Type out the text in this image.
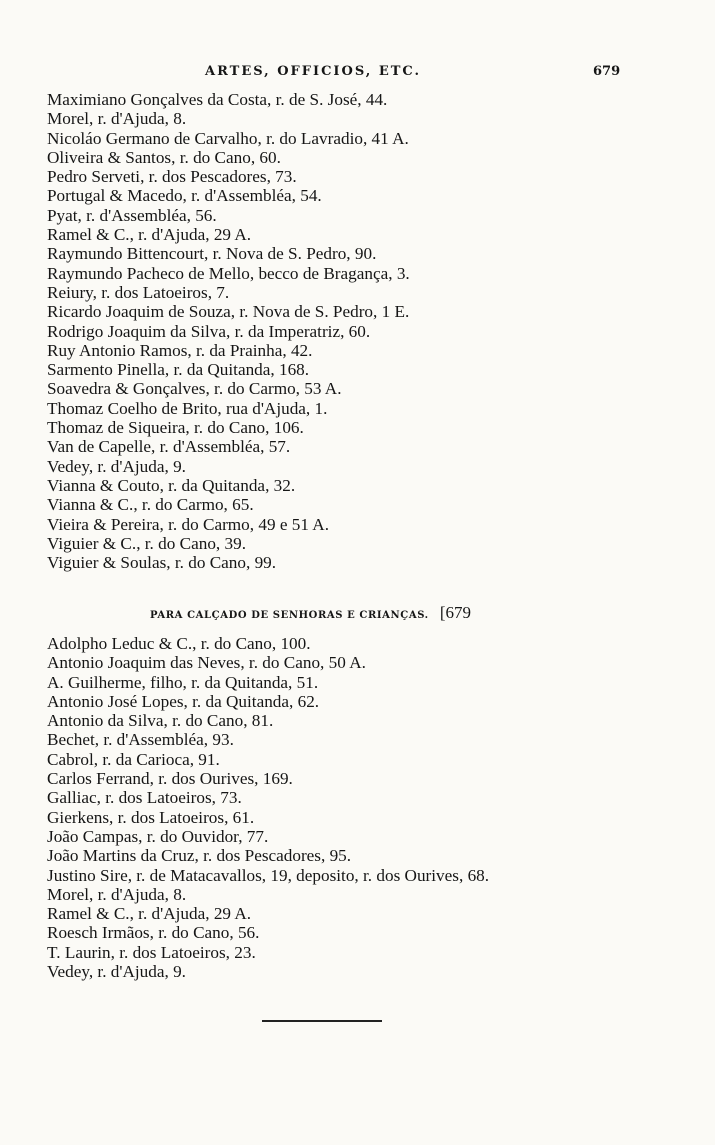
ARTES, OFFICIOS, ETC.	679
Maximiano Gonçalves da Costa, r. de S. José, 44.
Morel, r. d'Ajuda, 8.
Nicoláo Germano de Carvalho, r. do Lavradio, 41 A.
Oliveira & Santos, r. do Cano, 60.
Pedro Serveti, r. dos Pescadores, 73.
Portugal & Macedo, r. d'Assembléa, 54.
Pyat, r. d'Assembléa, 56.
Ramel & C., r. d'Ajuda, 29 A.
Raymundo Bittencourt, r. Nova de S. Pedro, 90.
Raymundo Pacheco de Mello, becco de Bragança, 3.
Reiury, r. dos Latoeiros, 7.
Ricardo Joaquim de Souza, r. Nova de S. Pedro, 1 E.
Rodrigo Joaquim da Silva, r. da Imperatriz, 60.
Ruy Antonio Ramos, r. da Prainha, 42.
Sarmento Pinella, r. da Quitanda, 168.
Soavedra & Gonçalves, r. do Carmo, 53 A.
Thomaz Coelho de Brito, rua d'Ajuda, 1.
Thomaz de Siqueira, r. do Cano, 106.
Van de Capelle, r. d'Assembléa, 57.
Vedey, r. d'Ajuda, 9.
Vianna & Couto, r. da Quitanda, 32.
Vianna & C., r. do Carmo, 65.
Vieira & Pereira, r. do Carmo, 49 e 51 A.
Viguier & C., r. do Cano, 39.
Viguier & Soulas, r. do Cano, 99.
PARA CALÇADO DE SENHORAS E CRIANÇAS. [679
Adolpho Leduc & C., r. do Cano, 100.
Antonio Joaquim das Neves, r. do Cano, 50 A.
A. Guilherme, filho, r. da Quitanda, 51.
Antonio José Lopes, r. da Quitanda, 62.
Antonio da Silva, r. do Cano, 81.
Bechet, r. d'Assembléa, 93.
Cabrol, r. da Carioca, 91.
Carlos Ferrand, r. dos Ourives, 169.
Galliac, r. dos Latoeiros, 73.
Gierkens, r. dos Latoeiros, 61.
João Campas, r. do Ouvidor, 77.
João Martins da Cruz, r. dos Pescadores, 95.
Justino Sire, r. de Matacavallos, 19, deposito, r. dos Ourives, 68.
Morel, r. d'Ajuda, 8.
Ramel & C., r. d'Ajuda, 29 A.
Roesch Irmãos, r. do Cano, 56.
T. Laurin, r. dos Latoeiros, 23.
Vedey, r. d'Ajuda, 9.
